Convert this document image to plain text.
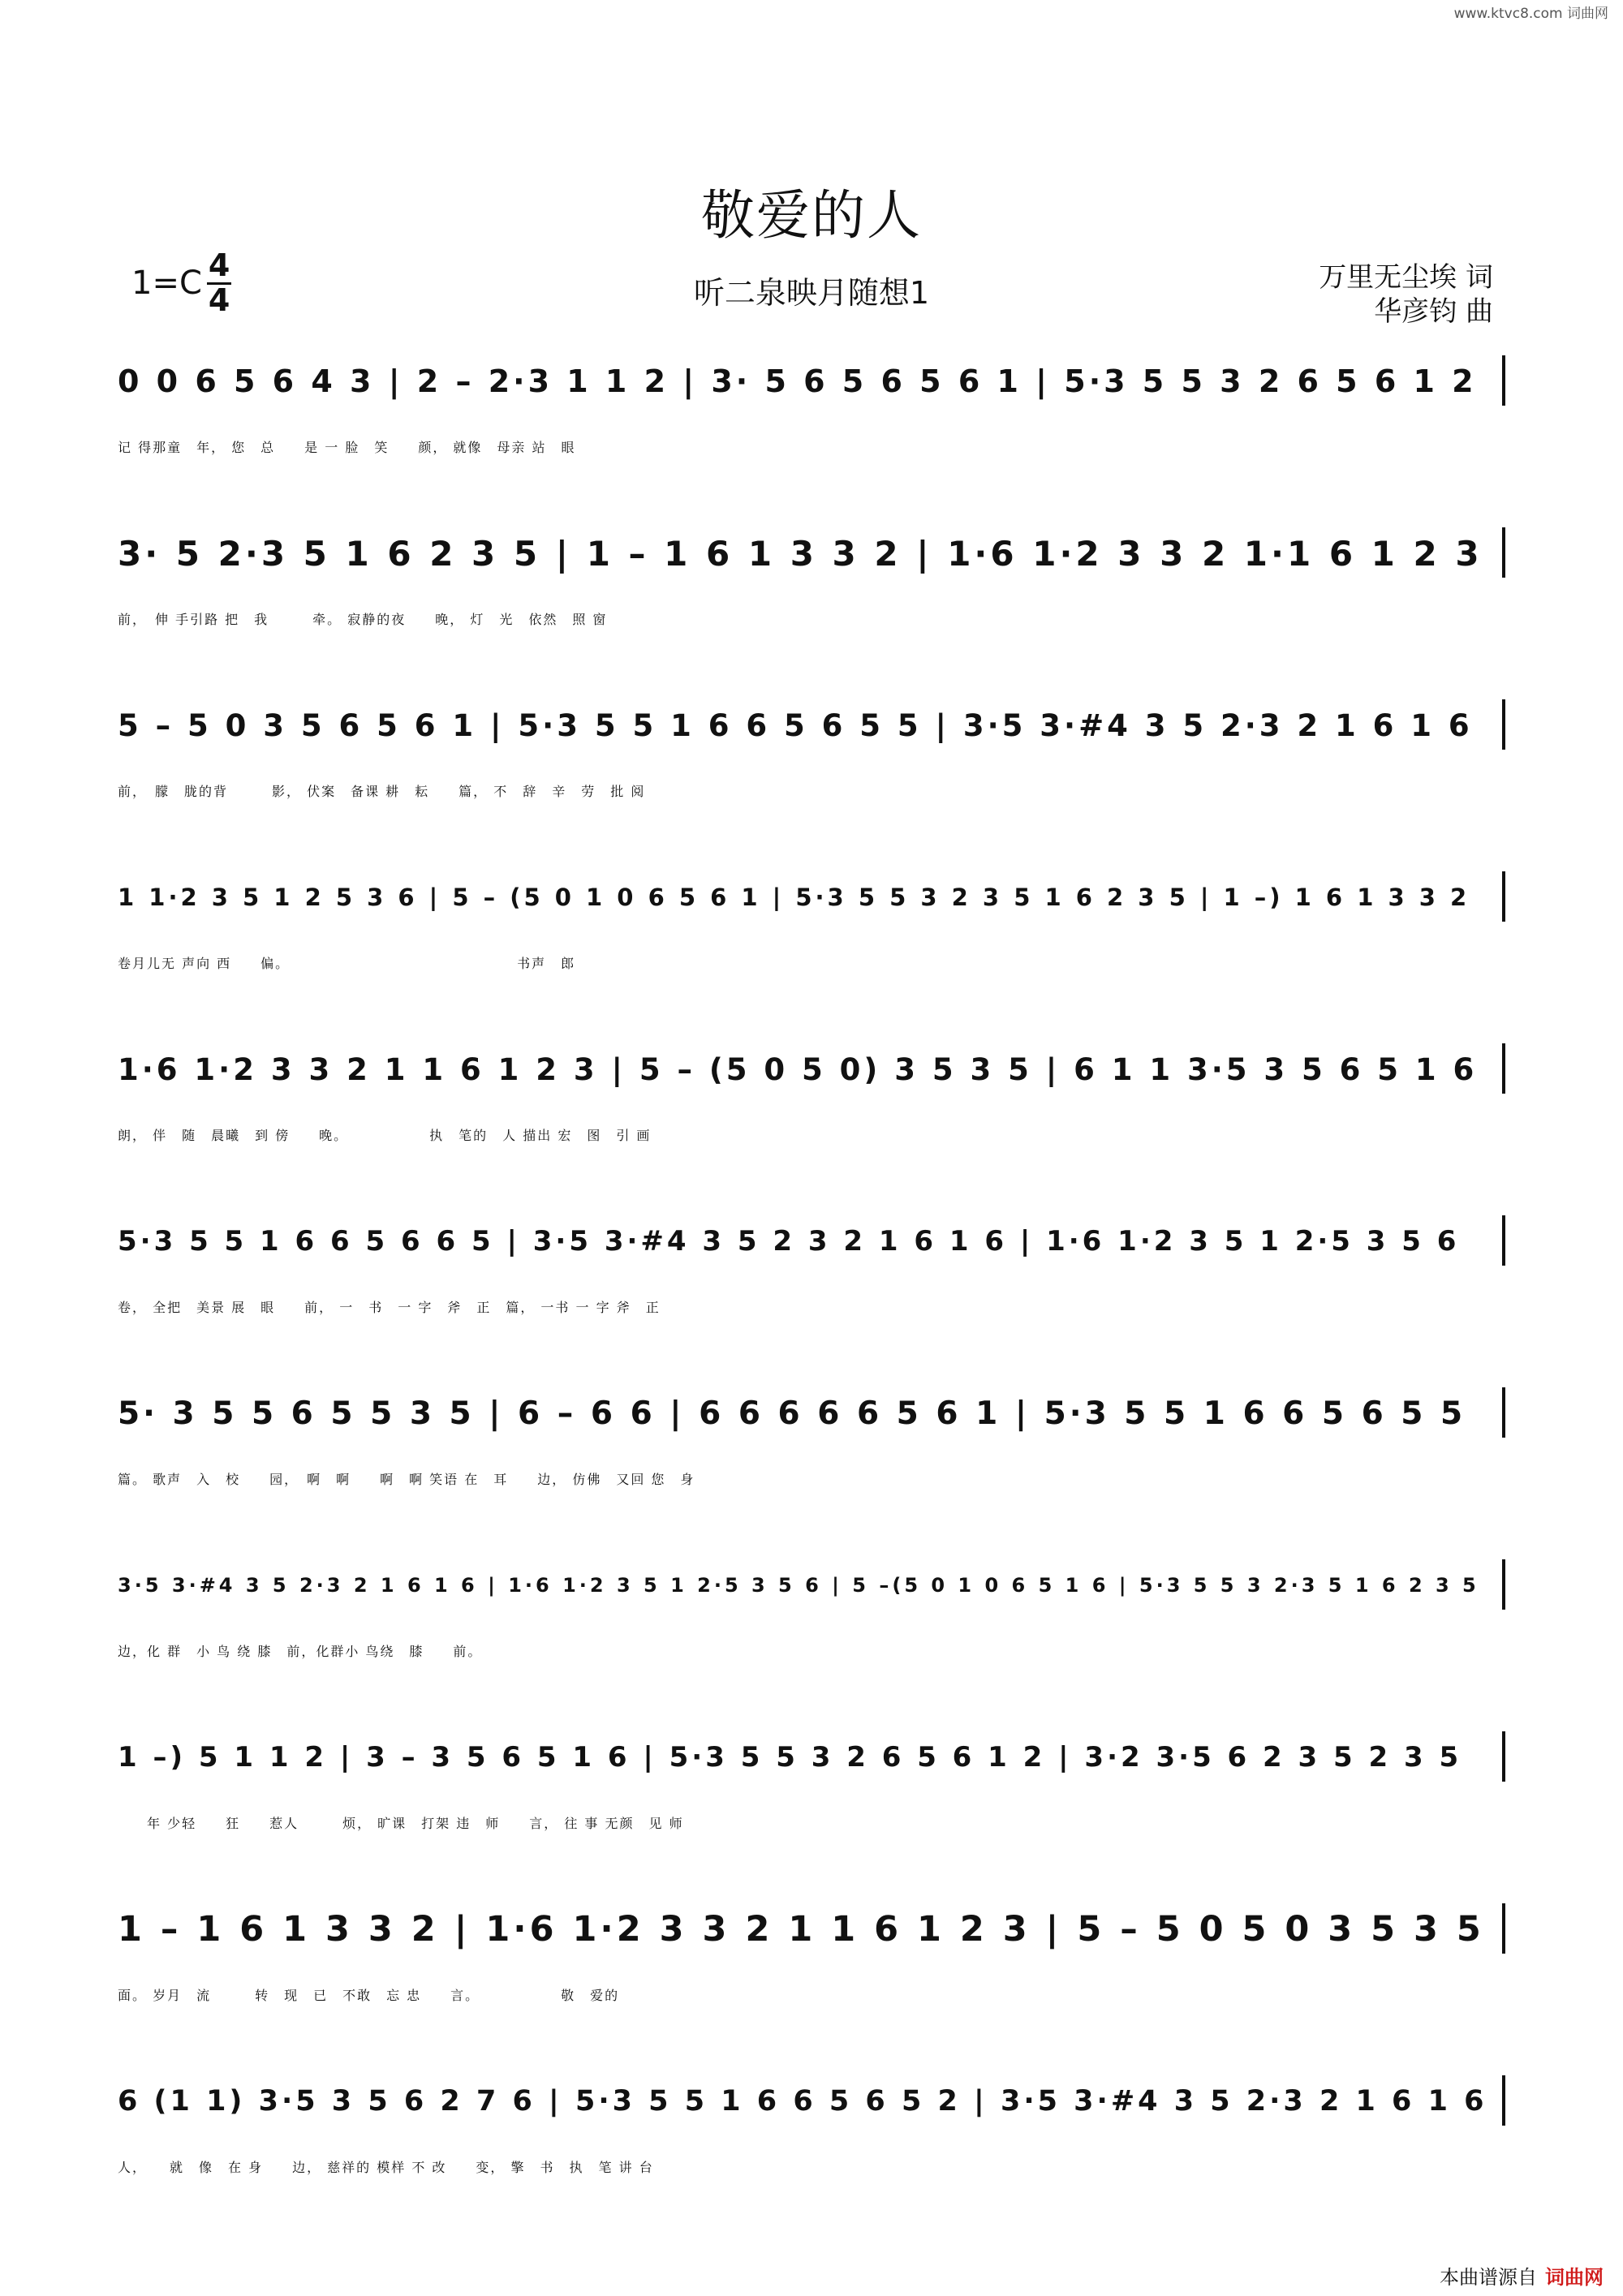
www.ktvc8.com 词曲网
敬爱的人
$1=C \frac{4}{4}$	听二泉映月随想1	万里无尘埃 词
华彦钧 曲
0 0 6 5 6 4 3 | 2 – 2·3 1 1 2 | 3· 5 6 5 6 5 6 1 | 5·3 5 5 3 2 6 5 6 1 2
记 得那童　年， 您　总　　是 一 脸　笑　　颜， 就像　母亲 站　眼
3· 5 2·3 5 1 6 2 3 5 | 1 – 1 6 1 3 3 2 | 1·6 1·2 3 3 2 1·1 6 1 2 3
前，　伸 手引路 把　我　　　牵。 寂静的夜　　晚， 灯　光　依然　照 窗
5 – 5 0 3 5 6 5 6 1 | 5·3 5 5 1 6 6 5 6 5 5 | 3·5 3·#4 3 5 2·3 2 1 6 1 6
前，　朦　胧的背　　　影， 伏案　备课 耕　耘　　篇， 不　辞　辛　劳　批 阅
1 1·2 3 5 1 2 5 3 6 | 5 – (5 0 1 0 6 5 6 1 | 5·3 5 5 3 2 3 5 1 6 2 3 5 | 1 –) 1 6 1 3 3 2
卷月儿无 声向 西　　偏。　　　　　　　　　　　　　　　　书声　郎
1·6 1·2 3 3 2 1 1 6 1 2 3 | 5 – (5 0 5 0) 3 5 3 5 | 6 1 1 3·5 3 5 6 5 1 6
朗， 伴　随　晨曦　到 傍　　晚。　　　　　　执　笔的　人 描出 宏　图　引 画
5·3 5 5 1 6 6 5 6 6 5 | 3·5 3·#4 3 5 2 3 2 1 6 1 6 | 1·6 1·2 3 5 1 2·5 3 5 6
卷， 全把　美景 展　眼　　前， 一　书　一 字　斧　正　篇， 一书 一 字 斧　正
5· 3 5 5 6 5 5 3 5 | 6 – 6 6 | 6 6 6 6 6 5 6 1 | 5·3 5 5 1 6 6 5 6 5 5
篇。 歌声　入　校　　园，　啊　啊　　啊　啊 笑语 在　耳　　边， 仿佛　又回 您　身
3·5 3·#4 3 5 2·3 2 1 6 1 6 | 1·6 1·2 3 5 1 2·5 3 5 6 | 5 –(5 0 1 0 6 5 1 6 | 5·3 5 5 3 2·3 5 1 6 2 3 5
边，化 群　小 鸟 绕 膝　前，化群小 鸟绕　膝　　前。
1 –) 5 1 1 2 | 3 – 3 5 6 5 1 6 | 5·3 5 5 3 2 6 5 6 1 2 | 3·2 3·5 6 2 3 5 2 3 5
　　年 少轻　　狂　　惹人　　　烦， 旷课　打架 违　师　　言， 往 事 无颜　见 师
1 – 1 6 1 3 3 2 | 1·6 1·2 3 3 2 1 1 6 1 2 3 | 5 – 5 0 5 0 3 5 3 5
面。 岁月　流　　　转　现　已　不敢　忘 忠　　言。　　　　　　敬　爱的
6 (1 1) 3·5 3 5 6 2 7 6 | 5·3 5 5 1 6 6 5 6 5 2 | 3·5 3·#4 3 5 2·3 2 1 6 1 6
人，　　就　像　在 身　　边， 慈祥的 模样 不 改　　变， 擎　书　执　笔 讲 台
本曲谱源自 词曲网
